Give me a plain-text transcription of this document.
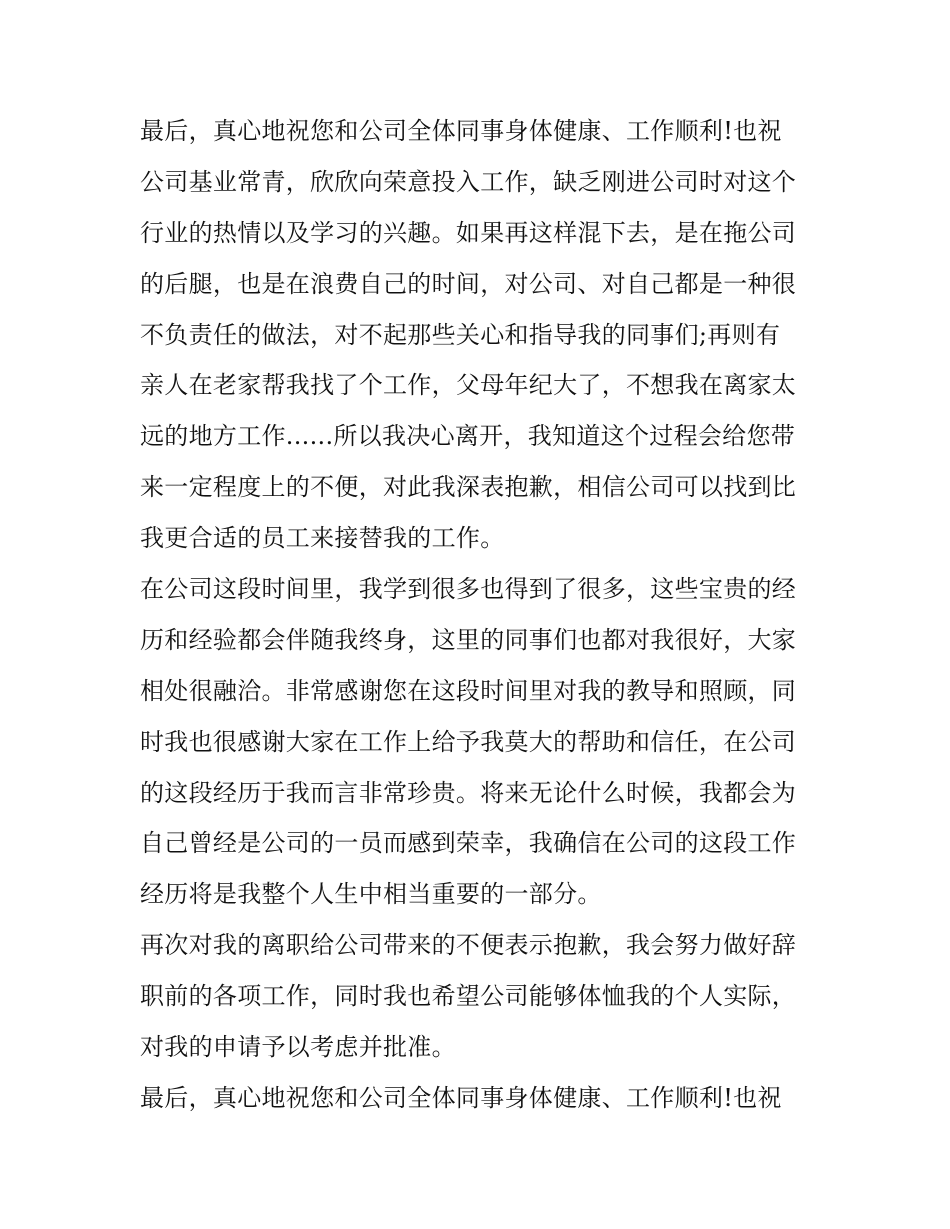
最后，真心地祝您和公司全体同事身体健康、工作顺利!也祝
公司基业常青，欣欣向荣意投入工作，缺乏刚进公司时对这个
行业的热情以及学习的兴趣。如果再这样混下去，是在拖公司
的后腿，也是在浪费自己的时间，对公司、对自己都是一种很
不负责任的做法，对不起那些关心和指导我的同事们;再则有
亲人在老家帮我找了个工作，父母年纪大了，不想我在离家太
远的地方工作......所以我决心离开，我知道这个过程会给您带
来一定程度上的不便，对此我深表抱歉，相信公司可以找到比
我更合适的员工来接替我的工作。
在公司这段时间里，我学到很多也得到了很多，这些宝贵的经
历和经验都会伴随我终身，这里的同事们也都对我很好，大家
相处很融洽。非常感谢您在这段时间里对我的教导和照顾，同
时我也很感谢大家在工作上给予我莫大的帮助和信任，在公司
的这段经历于我而言非常珍贵。将来无论什么时候，我都会为
自己曾经是公司的一员而感到荣幸，我确信在公司的这段工作
经历将是我整个人生中相当重要的一部分。
再次对我的离职给公司带来的不便表示抱歉，我会努力做好辞
职前的各项工作，同时我也希望公司能够体恤我的个人实际，
对我的申请予以考虑并批准。
最后，真心地祝您和公司全体同事身体健康、工作顺利!也祝
